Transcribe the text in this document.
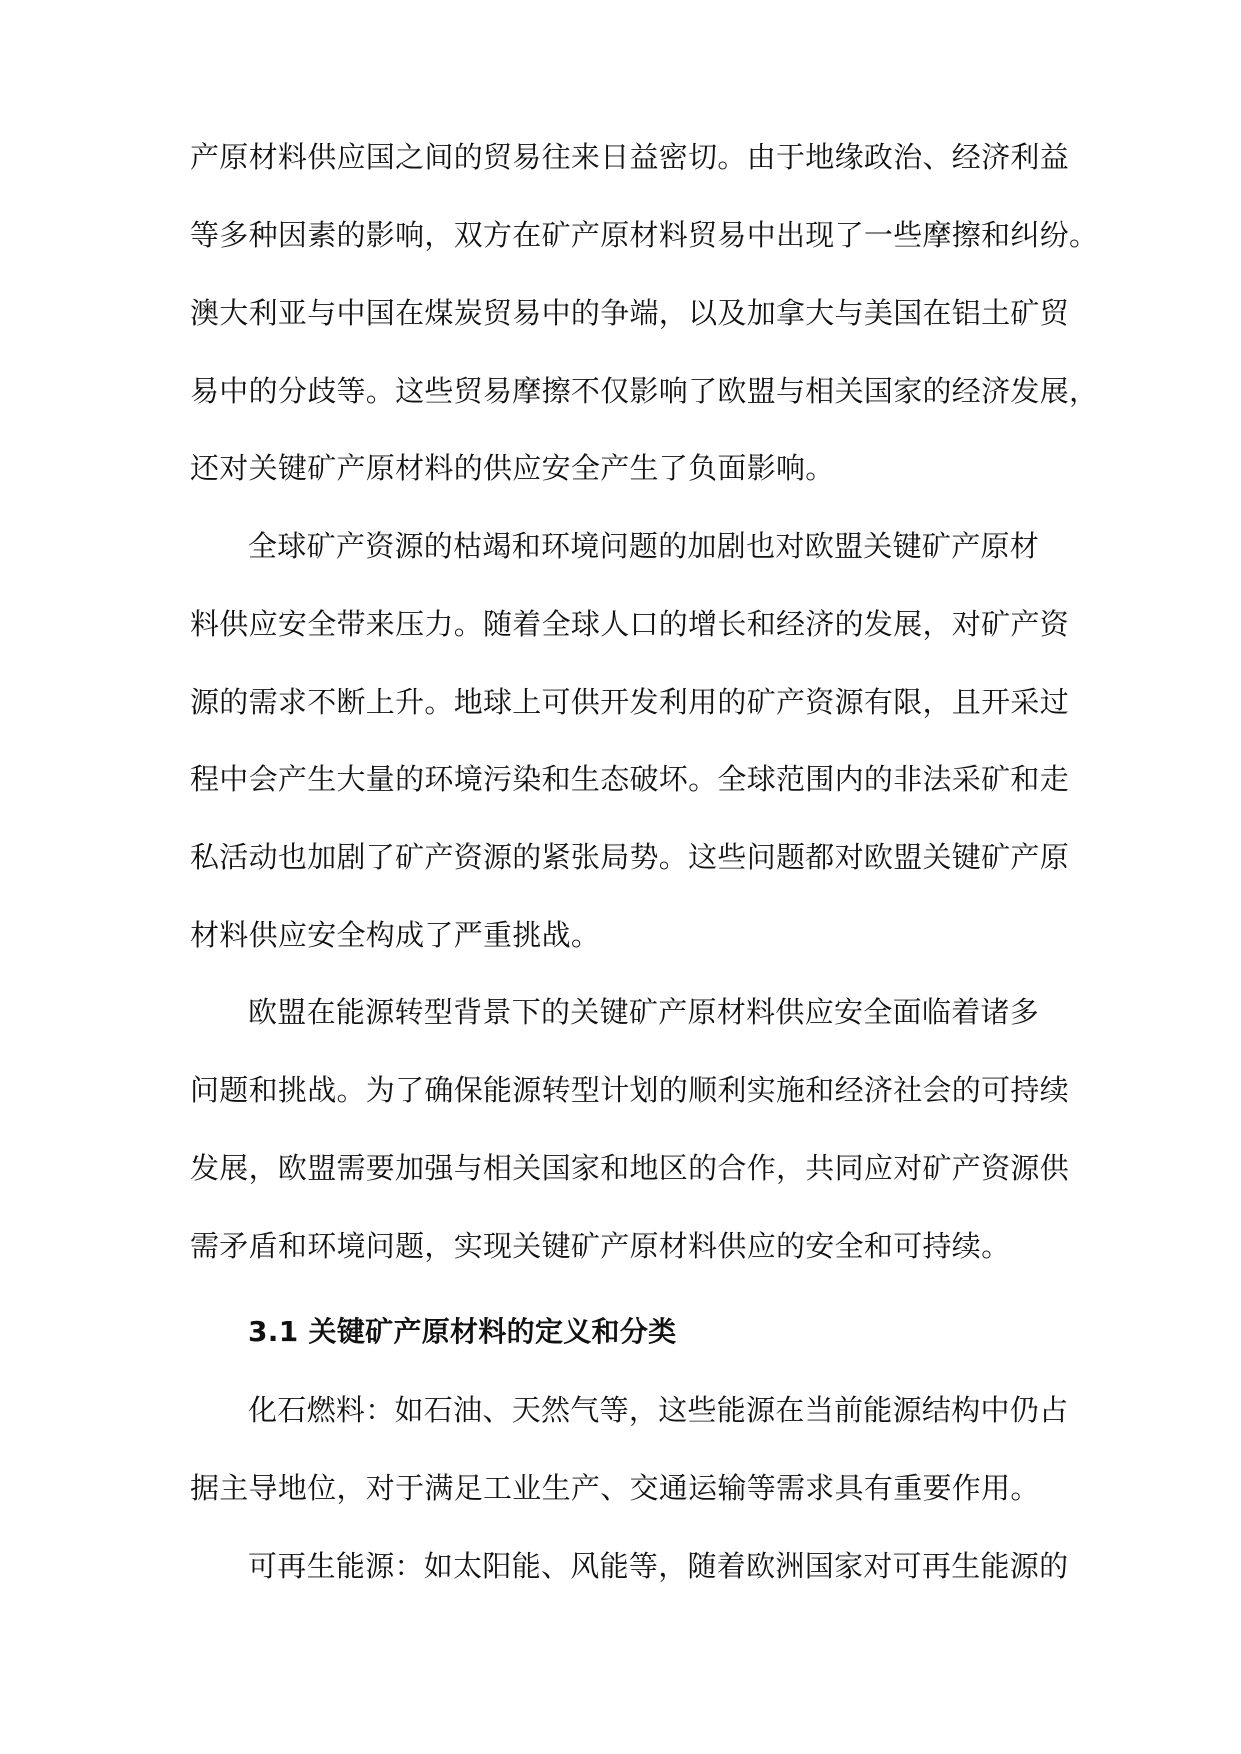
产原材料供应国之间的贸易往来日益密切。由于地缘政治、经济利益
等多种因素的影响，双方在矿产原材料贸易中出现了一些摩擦和纠纷。
澳大利亚与中国在煤炭贸易中的争端，以及加拿大与美国在铝土矿贸
易中的分歧等。这些贸易摩擦不仅影响了欧盟与相关国家的经济发展，
还对关键矿产原材料的供应安全产生了负面影响。
全球矿产资源的枯竭和环境问题的加剧也对欧盟关键矿产原材
料供应安全带来压力。随着全球人口的增长和经济的发展，对矿产资
源的需求不断上升。地球上可供开发利用的矿产资源有限，且开采过
程中会产生大量的环境污染和生态破坏。全球范围内的非法采矿和走
私活动也加剧了矿产资源的紧张局势。这些问题都对欧盟关键矿产原
材料供应安全构成了严重挑战。
欧盟在能源转型背景下的关键矿产原材料供应安全面临着诸多
问题和挑战。为了确保能源转型计划的顺利实施和经济社会的可持续
发展，欧盟需要加强与相关国家和地区的合作，共同应对矿产资源供
需矛盾和环境问题，实现关键矿产原材料供应的安全和可持续。
3.1 关键矿产原材料的定义和分类
化石燃料：如石油、天然气等，这些能源在当前能源结构中仍占
据主导地位，对于满足工业生产、交通运输等需求具有重要作用。
可再生能源：如太阳能、风能等，随着欧洲国家对可再生能源的
